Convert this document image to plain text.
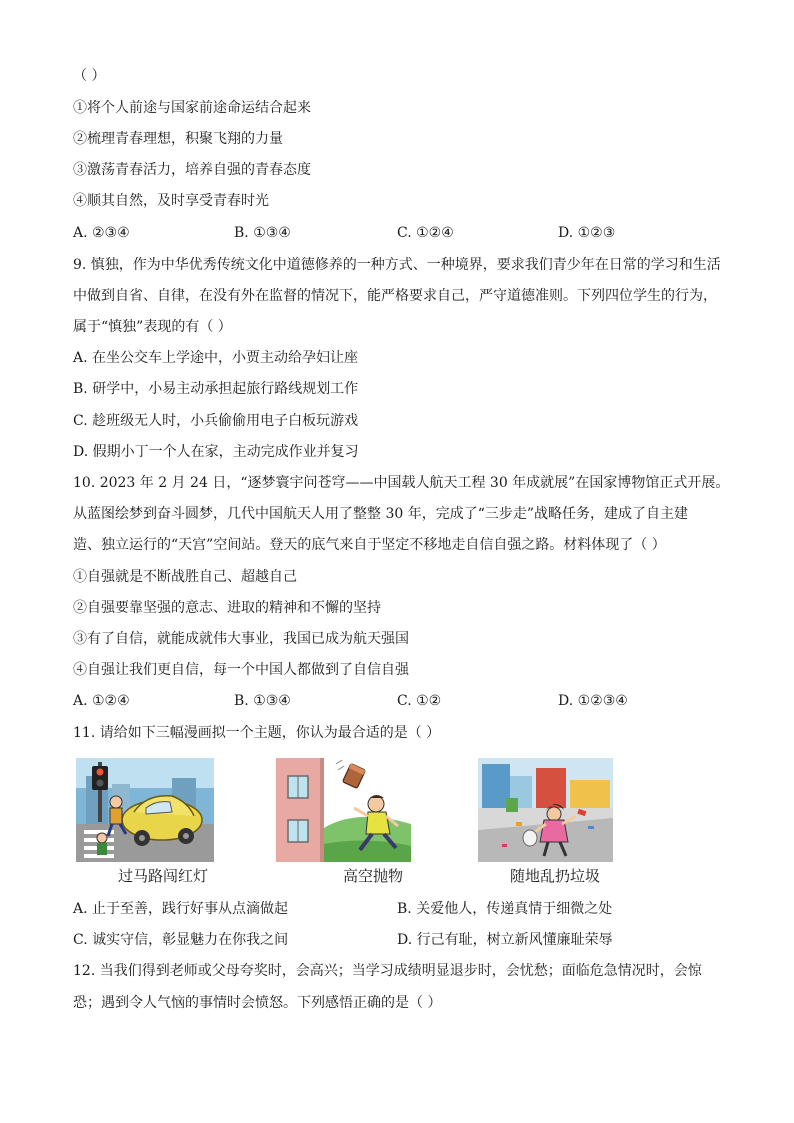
（ ）
①将个人前途与国家前途命运结合起来
②梳理青春理想，积聚飞翔的力量
③激荡青春活力，培养自强的青春态度
④顺其自然，及时享受青春时光
A. ②③④	B. ①③④	C. ①②④	D. ①②③
9. 慎独，作为中华优秀传统文化中道德修养的一种方式、一种境界，要求我们青少年在日常的学习和生活
中做到自省、自律，在没有外在监督的情况下，能严格要求自己，严守道德准则。下列四位学生的行为，
属于“慎独”表现的有（ ）
A. 在坐公交车上学途中，小贾主动给孕妇让座
B. 研学中，小易主动承担起旅行路线规划工作
C. 趁班级无人时，小兵偷偷用电子白板玩游戏
D. 假期小丁一个人在家，主动完成作业并复习
10. 2023 年 2 月 24 日，“逐梦寰宇问苍穹——中国载人航天工程 30 年成就展”在国家博物馆正式开展。
从蓝图绘梦到奋斗圆梦，几代中国航天人用了整整 30 年，完成了“三步走”战略任务，建成了自主建
造、独立运行的“天宫”空间站。登天的底气来自于坚定不移地走自信自强之路。材料体现了（ ）
①自强就是不断战胜自己、超越自己
②自强要靠坚强的意志、进取的精神和不懈的坚持
③有了自信，就能成就伟大事业，我国已成为航天强国
④自强让我们更自信，每一个中国人都做到了自信自强
A. ①②④	B. ①③④	C. ①②	D. ①②③④
11. 请给如下三幅漫画拟一个主题，你认为最合适的是（ ）
过马路闯红灯	高空抛物	随地乱扔垃圾
A. 止于至善，践行好事从点滴做起	B. 关爱他人，传递真情于细微之处
C. 诚实守信，彰显魅力在你我之间	D. 行己有耻，树立新风懂廉耻荣辱
12. 当我们得到老师或父母夸奖时，会高兴；当学习成绩明显退步时，会忧愁；面临危急情况时，会惊
恐；遇到令人气恼的事情时会愤怒。下列感悟正确的是（ ）
